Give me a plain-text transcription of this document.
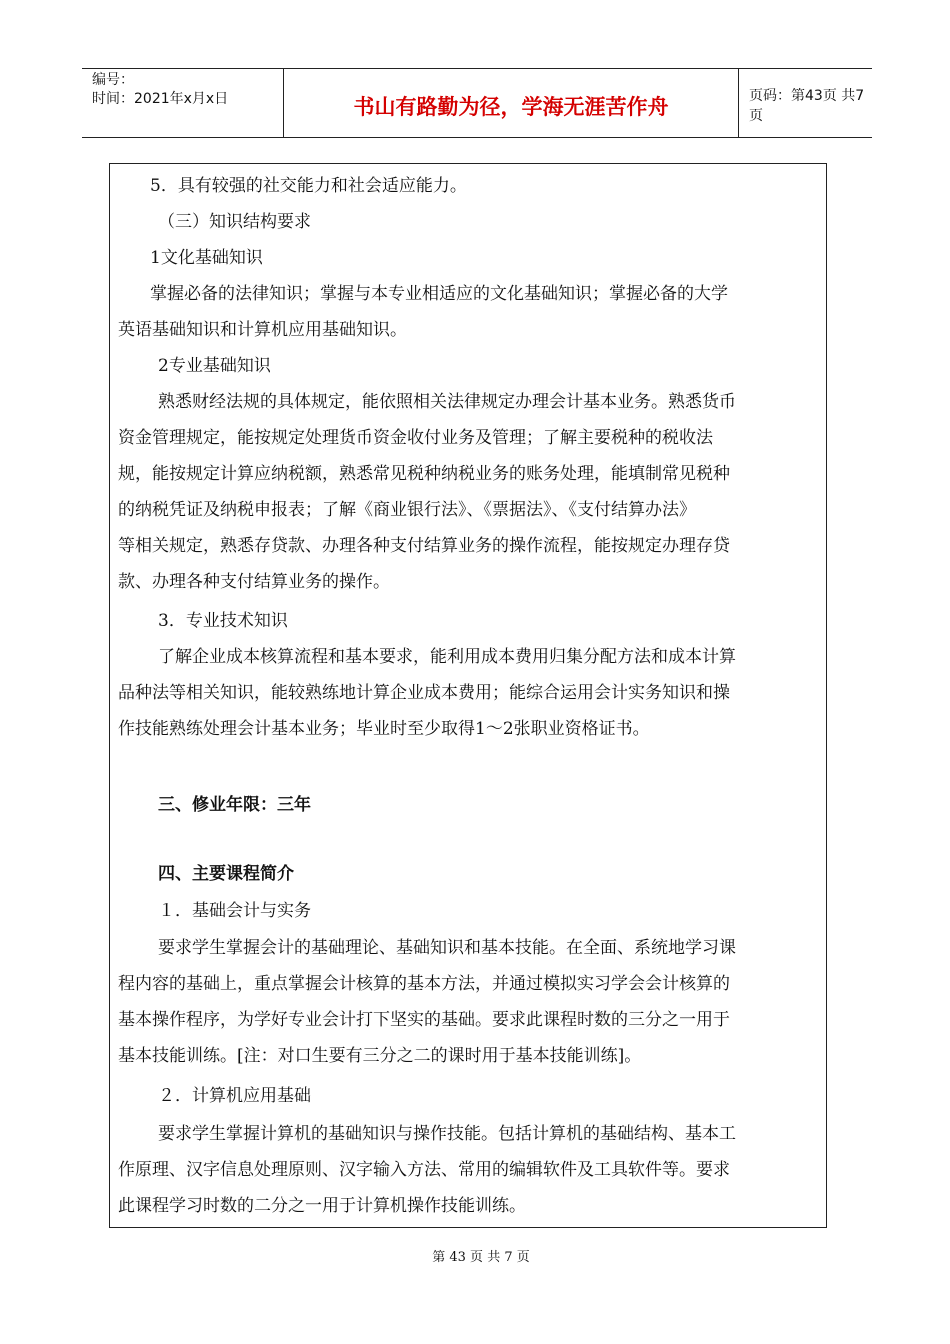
编号：
时间：2021年x月x日	书山有路勤为径，学海无涯苦作舟	页码：第43页 共7页
5．具有较强的社交能力和社会适应能力。
（三）知识结构要求
1文化基础知识
掌握必备的法律知识；掌握与本专业相适应的文化基础知识；掌握必备的大学
英语基础知识和计算机应用基础知识。
2专业基础知识
熟悉财经法规的具体规定，能依照相关法律规定办理会计基本业务。熟悉货币
资金管理规定，能按规定处理货币资金收付业务及管理；了解主要税种的税收法
规，能按规定计算应纳税额，熟悉常见税种纳税业务的账务处理，能填制常见税种
的纳税凭证及纳税申报表；了解《商业银行法》、《票据法》、《支付结算办法》
等相关规定，熟悉存贷款、办理各种支付结算业务的操作流程，能按规定办理存贷
款、办理各种支付结算业务的操作。
3．专业技术知识
了解企业成本核算流程和基本要求，能利用成本费用归集分配方法和成本计算
品种法等相关知识，能较熟练地计算企业成本费用；能综合运用会计实务知识和操
作技能熟练处理会计基本业务；毕业时至少取得1～2张职业资格证书。
三、修业年限：三年
四、主要课程简介
１．基础会计与实务
要求学生掌握会计的基础理论、基础知识和基本技能。在全面、系统地学习课
程内容的基础上，重点掌握会计核算的基本方法，并通过模拟实习学会会计核算的
基本操作程序，为学好专业会计打下坚实的基础。要求此课程时数的三分之一用于
基本技能训练。[注：对口生要有三分之二的课时用于基本技能训练]。
２．计算机应用基础
要求学生掌握计算机的基础知识与操作技能。包括计算机的基础结构、基本工
作原理、汉字信息处理原则、汉字输入方法、常用的编辑软件及工具软件等。要求
此课程学习时数的二分之一用于计算机操作技能训练。
第 43 页 共 7 页
